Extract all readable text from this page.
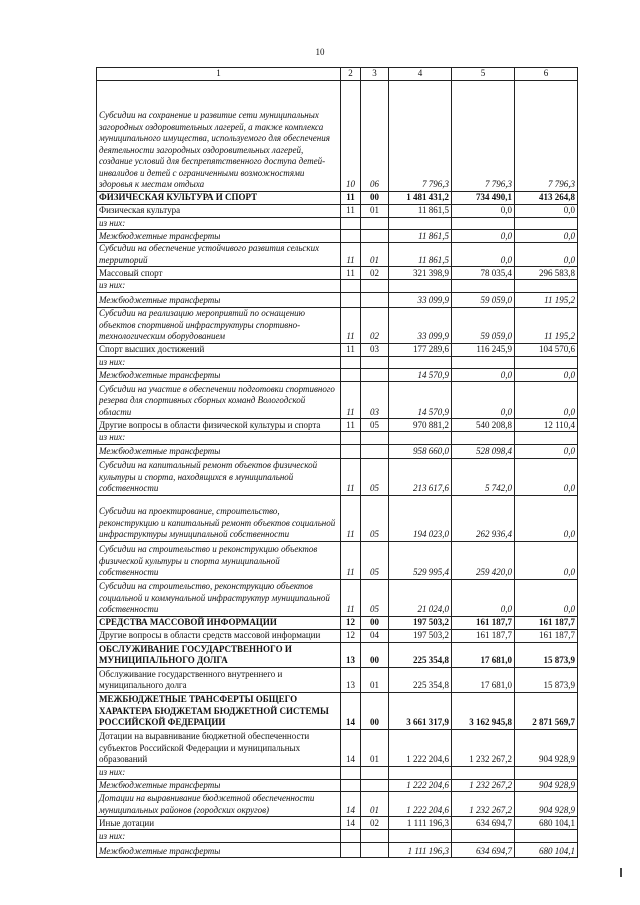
10
1	2	3	4	5	6
Субсидии на сохранение и развитие сети муниципальных загородных оздоровительных лагерей, а также комплекса муниципального имущества, используемого для обеспечения деятельности загородных оздоровительных лагерей, создание условий для беспрепятственного доступа детей-инвалидов и детей с ограниченными возможностями здоровья к местам отдыха	10	06	7 796,3	7 796,3	7 796,3
ФИЗИЧЕСКАЯ КУЛЬТУРА И СПОРТ	11	00	1 481 431,2	734 490,1	413 264,8
Физическая культура	11	01	11 861,5	0,0	0,0
из них:					
Межбюджетные трансферты			11 861,5	0,0	0,0
Субсидии на обеспечение устойчивого развития сельских территорий	11	01	11 861,5	0,0	0,0
Массовый спорт	11	02	321 398,9	78 035,4	296 583,8
из них:					
Межбюджетные трансферты			33 099,9	59 059,0	11 195,2
Субсидии на реализацию мероприятий по оснащению объектов спортивной инфраструктуры спортивно-технологическим оборудованием	11	02	33 099,9	59 059,0	11 195,2
Спорт высших достижений	11	03	177 289,6	116 245,9	104 570,6
из них:					
Межбюджетные трансферты			14 570,9	0,0	0,0
Субсидии на участие в обеспечении подготовки спортивного резерва для спортивных сборных команд Вологодской области	11	03	14 570,9	0,0	0,0
Другие вопросы в области физической культуры и спорта	11	05	970 881,2	540 208,8	12 110,4
из них:					
Межбюджетные трансферты			958 660,0	528 098,4	0,0
Субсидии на капитальный ремонт объектов физической культуры и спорта, находящихся в муниципальной собственности	11	05	213 617,6	5 742,0	0,0
Субсидии на проектирование, строительство, реконструкцию и капитальный ремонт объектов социальной инфраструктуры муниципальной собственности	11	05	194 023,0	262 936,4	0,0
Субсидии на строительство и реконструкцию объектов физической культуры и спорта муниципальной собственности	11	05	529 995,4	259 420,0	0,0
Субсидии на строительство, реконструкцию объектов социальной и коммунальной инфраструктур муниципальной собственности	11	05	21 024,0	0,0	0,0
СРЕДСТВА МАССОВОЙ ИНФОРМАЦИИ	12	00	197 503,2	161 187,7	161 187,7
Другие вопросы в области средств массовой информации	12	04	197 503,2	161 187,7	161 187,7
ОБСЛУЖИВАНИЕ ГОСУДАРСТВЕННОГО И МУНИЦИПАЛЬНОГО ДОЛГА	13	00	225 354,8	17 681,0	15 873,9
Обслуживание государственного внутреннего и муниципального долга	13	01	225 354,8	17 681,0	15 873,9
МЕЖБЮДЖЕТНЫЕ ТРАНСФЕРТЫ ОБЩЕГО ХАРАКТЕРА БЮДЖЕТАМ БЮДЖЕТНОЙ СИСТЕМЫ РОССИЙСКОЙ ФЕДЕРАЦИИ	14	00	3 661 317,9	3 162 945,8	2 871 569,7
Дотации на выравнивание бюджетной обеспеченности субъектов Российской Федерации и муниципальных образований	14	01	1 222 204,6	1 232 267,2	904 928,9
из них:					
Межбюджетные трансферты			1 222 204,6	1 232 267,2	904 928,9
Дотации на выравнивание бюджетной обеспеченности муниципальных районов (городских округов)	14	01	1 222 204,6	1 232 267,2	904 928,9
Иные дотации	14	02	1 111 196,3	634 694,7	680 104,1
из них:					
Межбюджетные трансферты			1 111 196,3	634 694,7	680 104,1
